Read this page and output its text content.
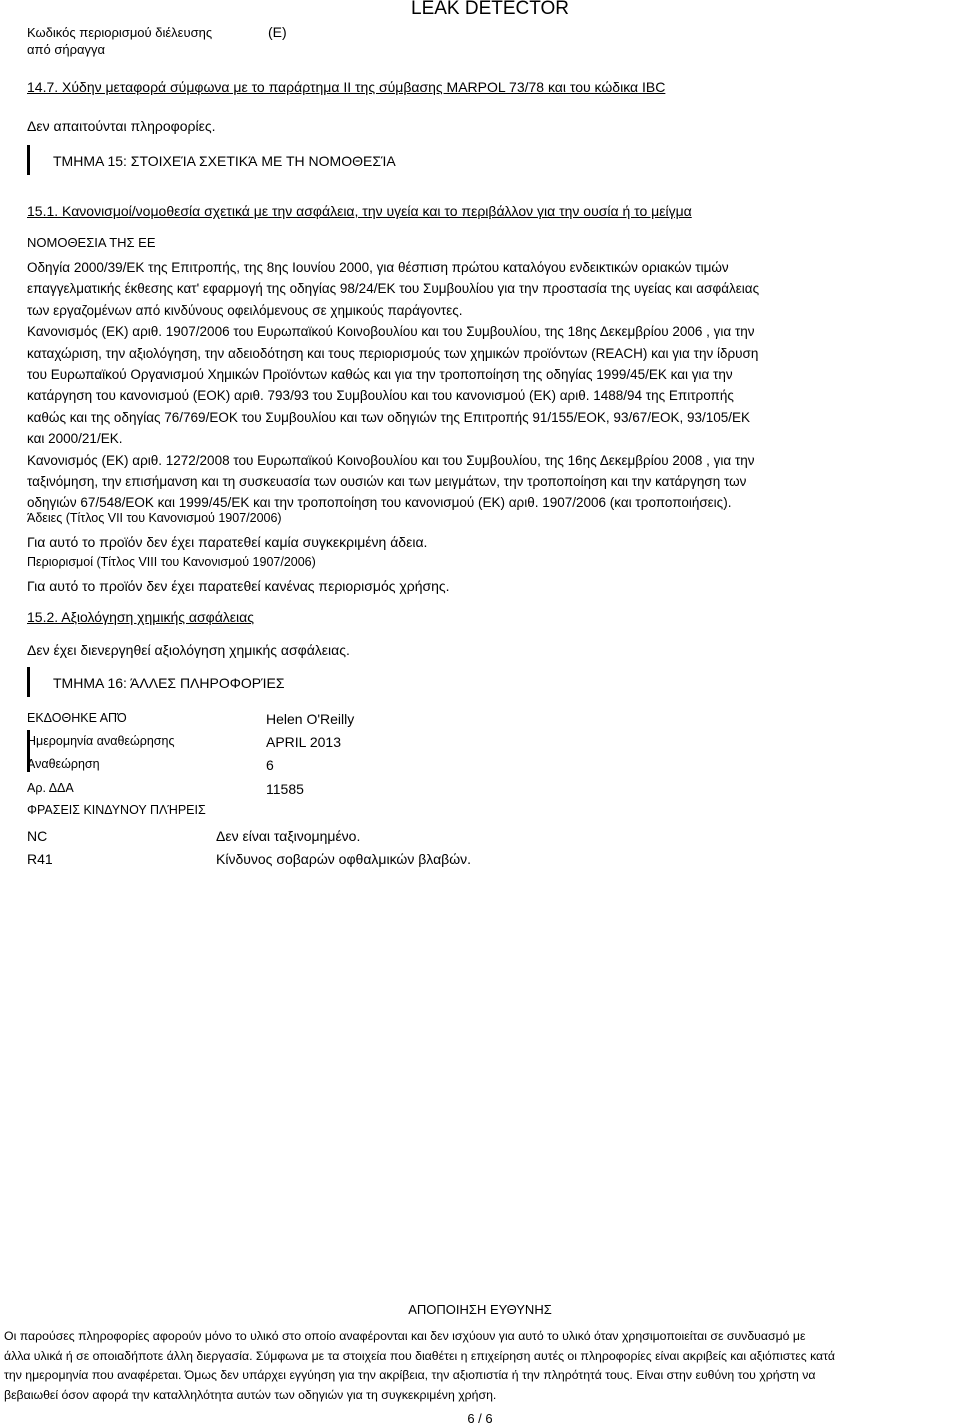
Κωδικός περιορισμού διέλευσης
από σήραγγα
(E)
LEAK DETECTOR
14.7. Χύδην μεταφορά σύμφωνα με το παράρτημα II της σύμβασης MARPOL 73/78 και του κώδικα IBC
Δεν απαιτούνται πληροφορίες.
ΤΜΗΜΑ 15: ΣΤΟΙΧΕΊΑ ΣΧΕΤΙΚΆ ΜΕ ΤΗ ΝΟΜΟΘΕΣΊΑ
15.1. Κανονισμοί/νομοθεσία σχετικά με την ασφάλεια, την υγεία και το περιβάλλον για την ουσία ή το μείγμα
ΝΟΜΟΘΕΣΙΑ ΤΗΣ ΕΕ
Οδηγία 2000/39/ΕΚ της Επιτροπής, της 8ης Ιουνίου 2000, για θέσπιση πρώτου καταλόγου ενδεικτικών οριακών τιμών
επαγγελματικής έκθεσης κατ' εφαρμογή της οδηγίας 98/24/ΕΚ του Συμβουλίου για την προστασία της υγείας και ασφάλειας
των εργαζομένων από κινδύνους οφειλόμενους σε χημικούς παράγοντες.
Κανονισμός (ΕΚ) αριθ. 1907/2006 του Ευρωπαϊκού Κοινοβουλίου και του Συμβουλίου, της 18ης Δεκεμβρίου 2006 , για την
καταχώριση, την αξιολόγηση, την αδειοδότηση και τους περιορισμούς των χημικών προϊόντων (REACH) και για την ίδρυση
του Ευρωπαϊκού Οργανισμού Χημικών Προϊόντων καθώς και για την τροποποίηση της οδηγίας 1999/45/ΕΚ και για την
κατάργηση του κανονισμού (ΕΟΚ) αριθ. 793/93 του Συμβουλίου και του κανονισμού (ΕΚ) αριθ. 1488/94 της Επιτροπής
καθώς και της οδηγίας 76/769/ΕΟΚ του Συμβουλίου και των οδηγιών της Επιτροπής 91/155/ΕΟΚ, 93/67/ΕΟΚ, 93/105/ΕΚ
και 2000/21/ΕΚ.
Κανονισμός (ΕΚ) αριθ. 1272/2008 του Ευρωπαϊκού Κοινοβουλίου και του Συμβουλίου, της 16ης Δεκεμβρίου 2008 , για την
ταξινόμηση, την επισήμανση και τη συσκευασία των ουσιών και των μειγμάτων, την τροποποίηση και την κατάργηση των
οδηγιών 67/548/ΕΟΚ και 1999/45/ΕΚ και την τροποποίηση του κανονισμού (ΕΚ) αριθ. 1907/2006 (και τροποποιήσεις).
Άδειες (Τίτλος VII του Κανονισμού 1907/2006)
Για αυτό το προϊόν δεν έχει παρατεθεί καμία συγκεκριμένη άδεια.
Περιορισμοί (Τίτλος VIII του Κανονισμού 1907/2006)
Για αυτό το προϊόν δεν έχει παρατεθεί κανένας περιορισμός χρήσης.
15.2. Αξιολόγηση χημικής ασφάλειας
Δεν έχει διενεργηθεί αξιολόγηση χημικής ασφάλειας.
ΤΜΗΜΑ 16: ΆΛΛΕΣ ΠΛΗΡΟΦΟΡΊΕΣ
ΕΚΔΟΘΗΚΕ ΑΠΌ	Helen O'Reilly
Ημερομηνία αναθεώρησης	APRIL 2013
Αναθεώρηση	6
Αρ. ΔΔΑ	11585
ΦΡΑΣΕΙΣ ΚΙΝΔΥΝΟΥ ΠΛΉΡΕΙΣ
NC	Δεν είναι ταξινομημένο.
R41	Κίνδυνος σοβαρών οφθαλμικών βλαβών.
ΑΠΟΠΟΙΗΣΗ ΕΥΘΥΝΗΣ
Οι παρούσες πληροφορίες αφορούν μόνο το υλικό στο οποίο αναφέρονται και δεν ισχύουν για αυτό το υλικό όταν χρησιμοποιείται σε συνδυασμό με
άλλα υλικά ή σε οποιαδήποτε άλλη διεργασία. Σύμφωνα με τα στοιχεία που διαθέτει η επιχείρηση αυτές οι πληροφορίες είναι ακριβείς και αξιόπιστες κατά
την ημερομηνία που αναφέρεται. Όμως δεν υπάρχει εγγύηση για την ακρίβεια, την αξιοπιστία ή την πληρότητά τους. Είναι στην ευθύνη του χρήστη να
βεβαιωθεί όσον αφορά την καταλληλότητα αυτών των οδηγιών για τη συγκεκριμένη χρήση.
6 / 6
